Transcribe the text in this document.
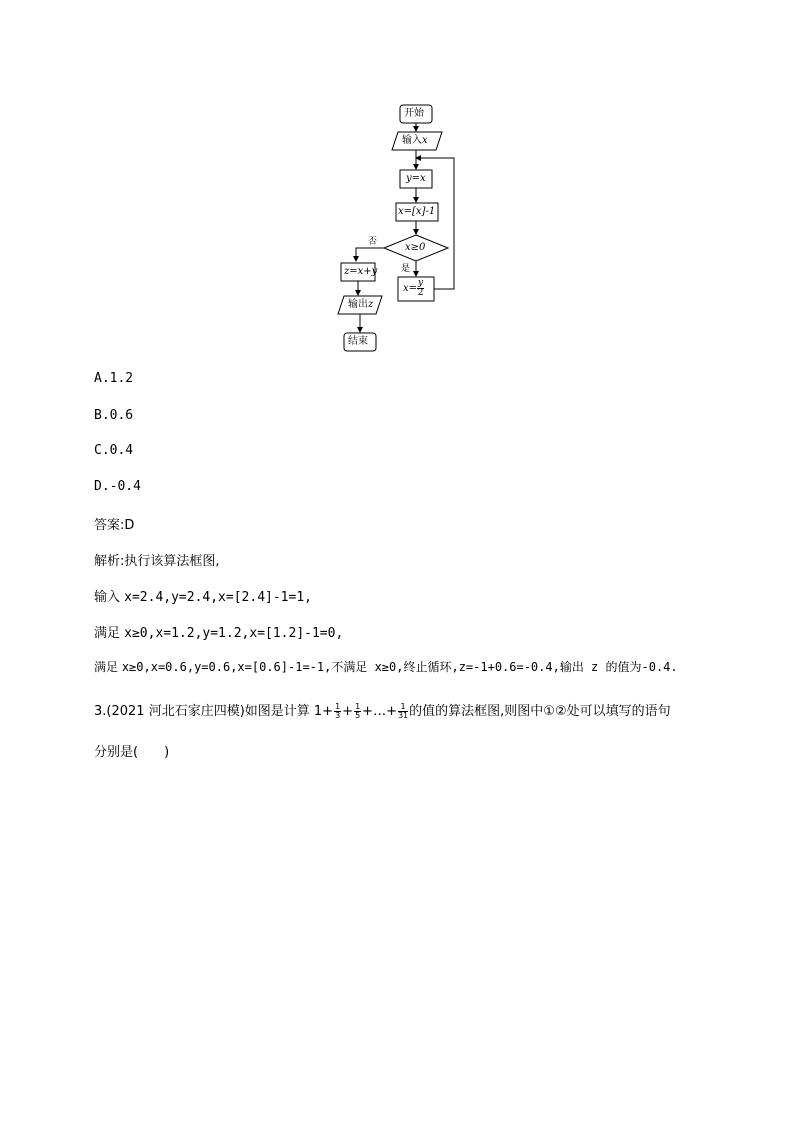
开始
输入x
y=x
x=[x]-1
x≥0
否
是
$x= \frac{y}{2}$
z=x+y
输出z
结束
A.1.2
B.0.6
C.0.4
D.-0.4
答案:D
解析:执行该算法框图,
输入 x=2.4,y=2.4,x=[2.4]-1=1,
满足 x≥0,x=1.2,y=1.2,x=[1.2]-1=0,
满足 x≥0,x=0.6,y=0.6,x=[0.6]-1=-1,不满足 x≥0,终止循环,z=-1+0.6=-0.4,输出 z 的值为-0.4.
3.(2021 河北石家庄四模)如图是计算 $1+ \frac{1}{3} + \frac{1}{5}$ +…+ $\frac{1}{31}$ 的值的算法框图,则图中①②处可以填写的语句
分别是(　　)
